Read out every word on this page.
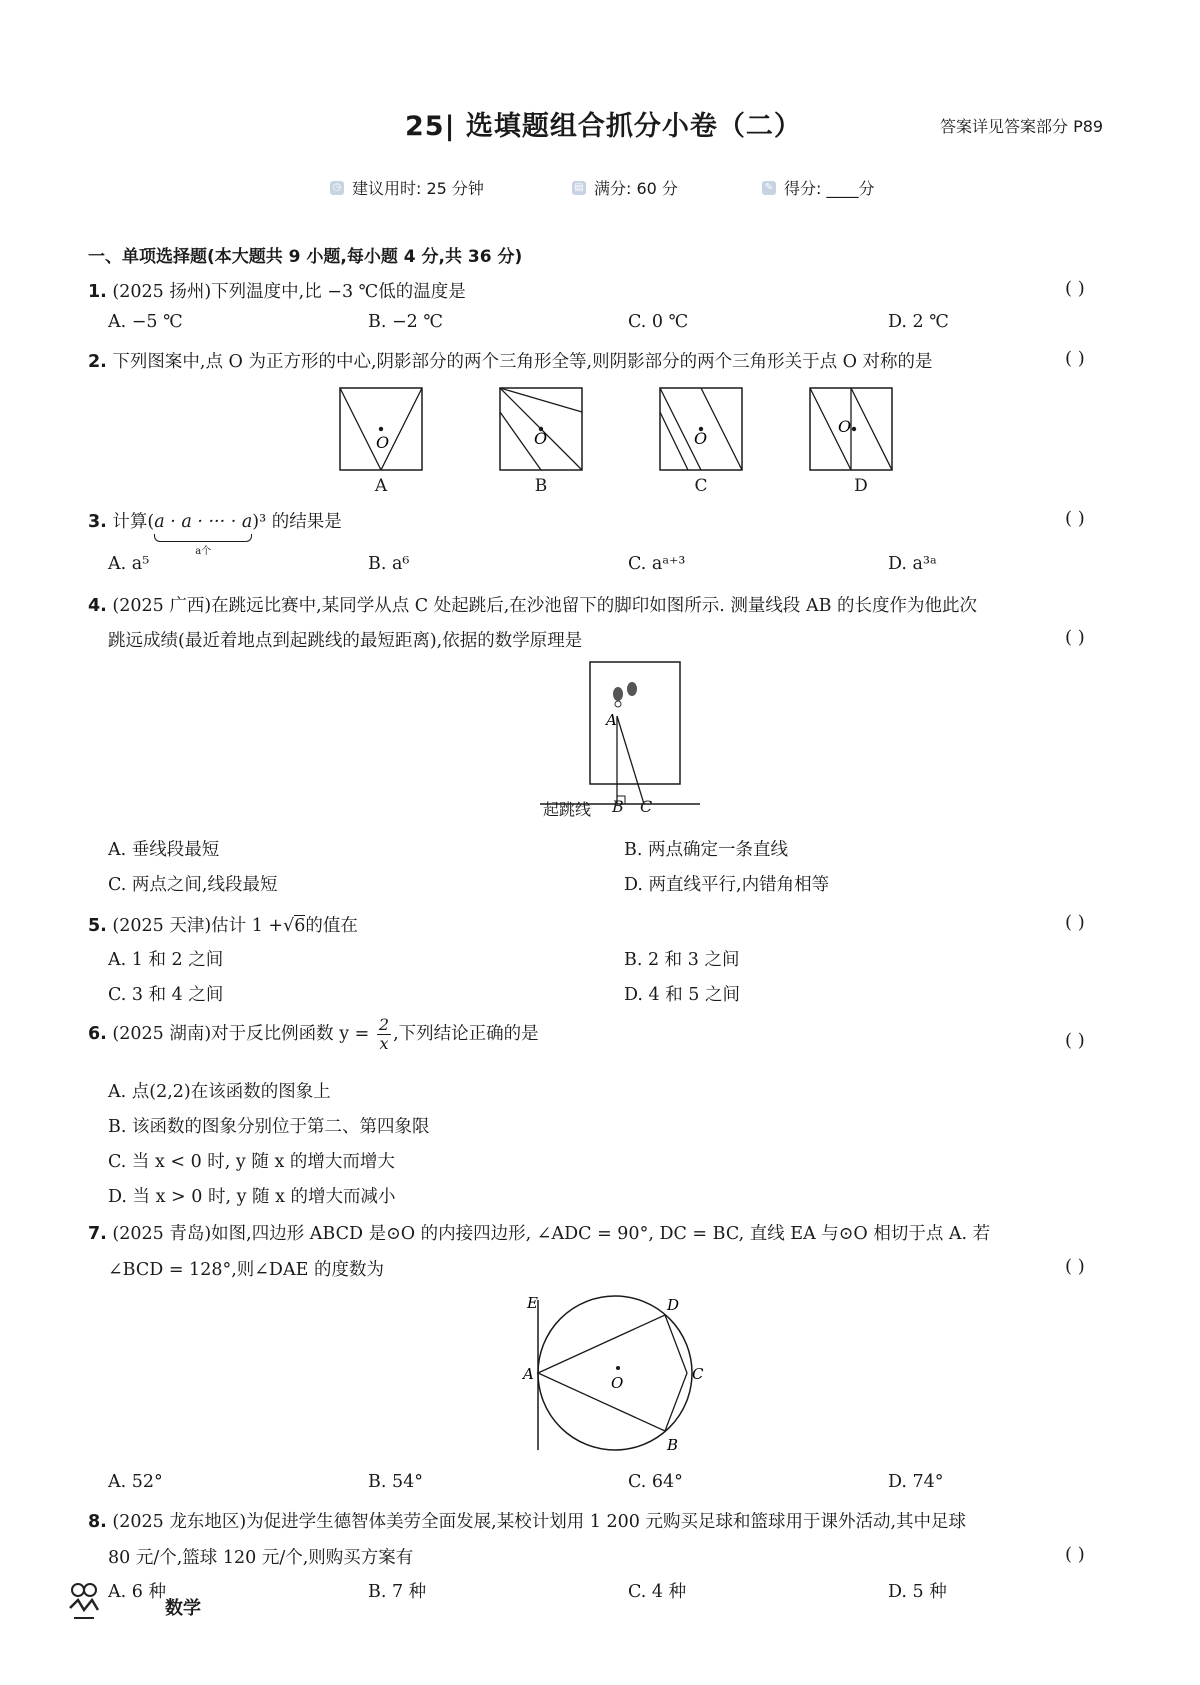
25| 选填题组合抓分小卷（二）	答案详见答案部分 P89
◷ 建议用时: 25 分钟	▤ 满分: 60 分	✎ 得分: ____分
一、单项选择题(本大题共 9 小题,每小题 4 分,共 36 分)
1. (2025 扬州)下列温度中,比 −3 ℃低的温度是	( )
A. −5 ℃	B. −2 ℃	C. 0 ℃	D. 2 ℃
2. 下列图案中,点 O 为正方形的中心,阴影部分的两个三角形全等,则阴影部分的两个三角形关于点 O 对称的是	( )
O	O	O
O
A	B	C	D
3. 计算(a · a · ··· · a
a个
)³ 的结果是	( )
A. a⁵	B. a⁶	C. aᵃ⁺³	D. a³ᵃ
4. (2025 广西)在跳远比赛中,某同学从点 C 处起跳后,在沙池留下的脚印如图所示. 测量线段 AB 的长度作为他此次
跳远成绩(最近着地点到起跳线的最短距离),依据的数学原理是	( )
A
起跳线 B C
A. 垂线段最短	B. 两点确定一条直线
C. 两点之间,线段最短	D. 两直线平行,内错角相等
5. (2025 天津)估计 1 +√6的值在	( )
A. 1 和 2 之间	B. 2 和 3 之间
C. 3 和 4 之间	D. 4 和 5 之间
6. (2025 湖南)对于反比例函数 $y = \frac{2}{x}$ ,下列结论正确的是	( )
A. 点(2,2)在该函数的图象上
B. 该函数的图象分别位于第二、第四象限
C. 当 x < 0 时, y 随 x 的增大而增大
D. 当 x > 0 时, y 随 x 的增大而减小
7. (2025 青岛)如图,四边形 ABCD 是⊙O 的内接四边形, ∠ADC = 90°, DC = BC, 直线 EA 与⊙O 相切于点 A. 若
∠BCD = 128°,则∠DAE 的度数为	( )
E	D
A	O	C
B
A. 52°	B. 54°	C. 64°	D. 74°
8. (2025 龙东地区)为促进学生德智体美劳全面发展,某校计划用 1 200 元购买足球和篮球用于课外活动,其中足球
80 元/个,篮球 120 元/个,则购买方案有	( )
A. 6 种	B. 7 种	C. 4 种	D. 5 种
数学
